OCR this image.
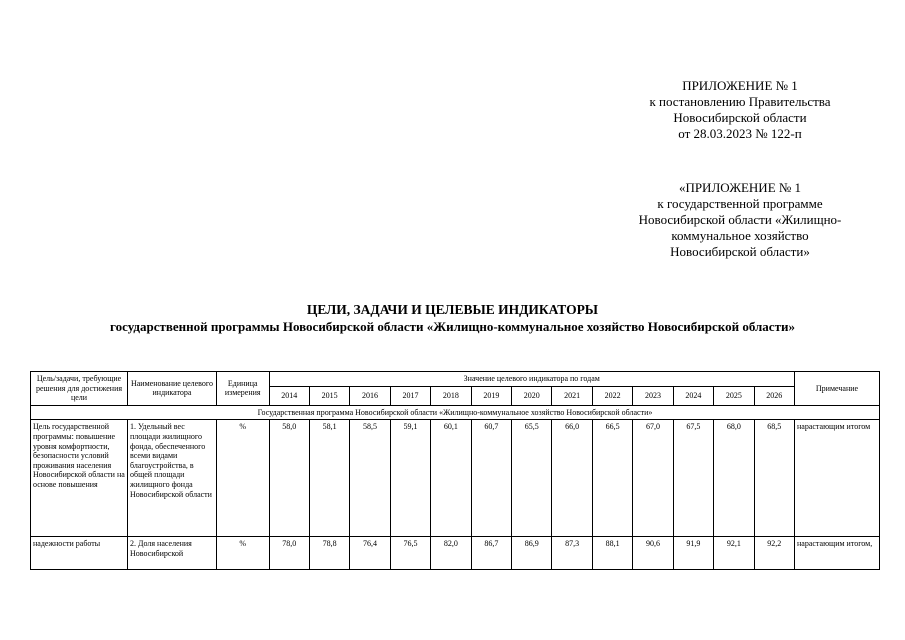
ПРИЛОЖЕНИЕ № 1
к постановлению Правительства
Новосибирской области
от 28.03.2023 № 122-п
«ПРИЛОЖЕНИЕ № 1
к государственной программе
Новосибирской области «Жилищно-
коммунальное хозяйство
Новосибирской области»
ЦЕЛИ, ЗАДАЧИ И ЦЕЛЕВЫЕ ИНДИКАТОРЫ
государственной программы Новосибирской области «Жилищно-коммунальное хозяйство Новосибирской области»
Цель/задачи, требующие решения для достижения цели	Наименование целевого индикатора	Единица измерения	Значение целевого индикатора по годам													Примечание
			2014	2015	2016	2017	2018	2019	2020	2021	2022	2023	2024	2025	2026	
Государственная программа Новосибирской области «Жилищно-коммунальное хозяйство Новосибирской области»																
Цель государственной программы: повышение уровня комфортности, безопасности условий проживания населения Новосибирской области на основе повышения	1. Удельный вес площади жилищного фонда, обеспеченного всеми видами благоустройства, в общей площади жилищного фонда Новосибирской области	%	58,0	58,1	58,5	59,1	60,1	60,7	65,5	66,0	66,5	67,0	67,5	68,0	68,5	нарастающим итогом
надежности работы	2. Доля населения Новосибирской	%	78,0	78,8	76,4	76,5	82,0	86,7	86,9	87,3	88,1	90,6	91,9	92,1	92,2	нарастающим итогом,
